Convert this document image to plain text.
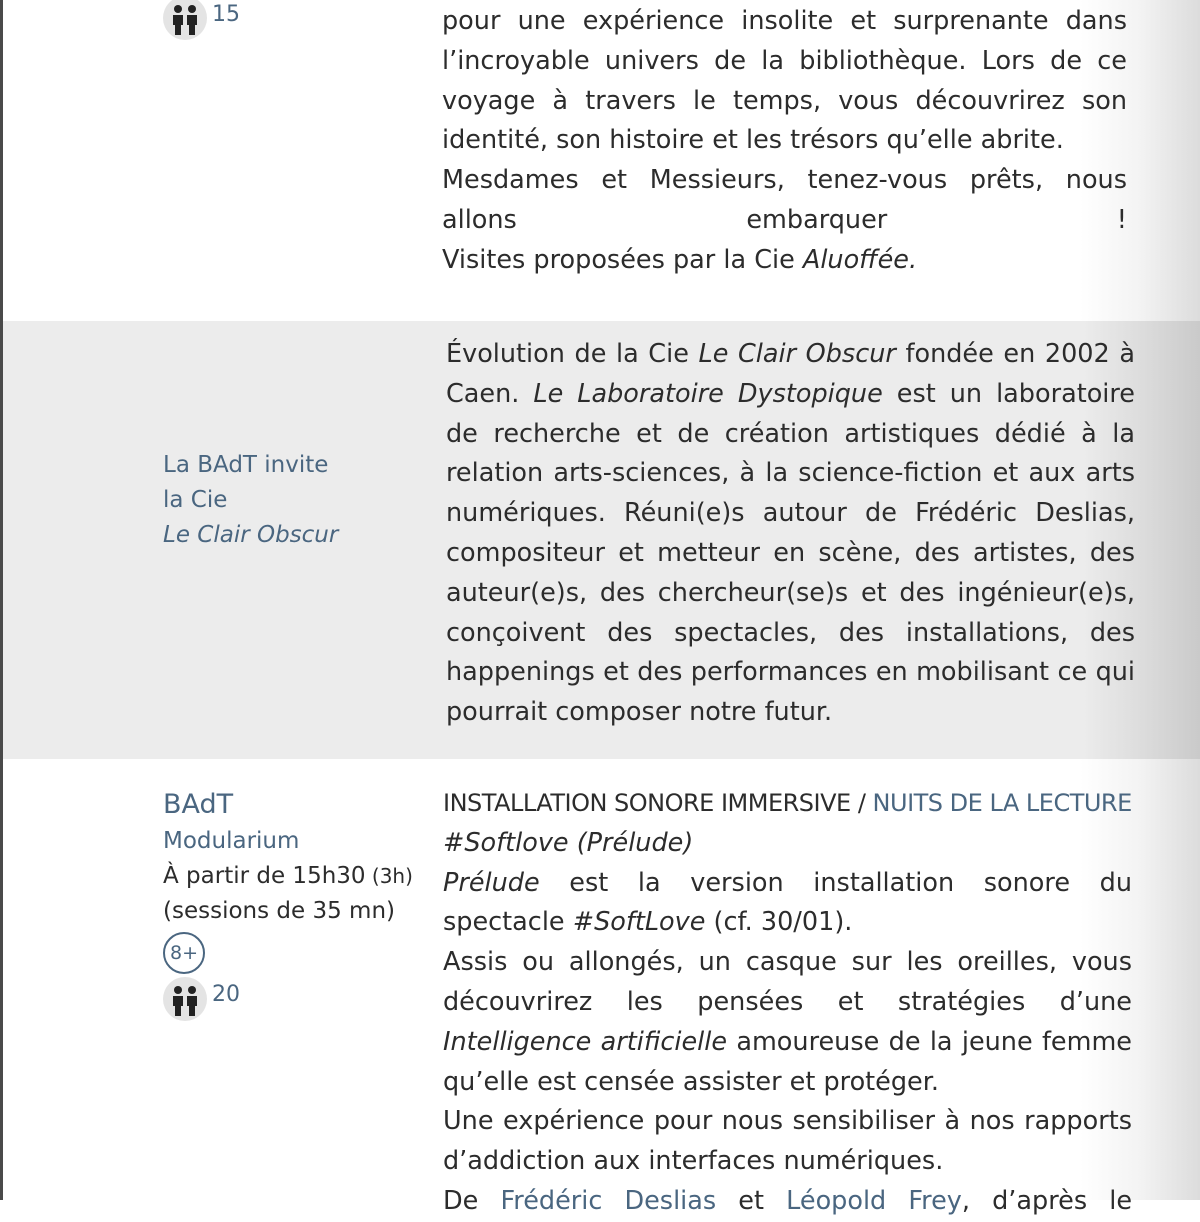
15	pour une expérience insolite et surprenante dans l’incroyable univers de la bibliothèque. Lors de ce voyage à travers le temps, vous découvrirez son identité, son histoire et les trésors qu’elle abrite.

Mesdames et Messieurs, tenez-vous prêts, nous allons embarquer !

Visites proposées par la Cie Aluoffée.

La BAdT invite
la Cie
Le Clair Obscur

Évolution de la Cie Le Clair Obscur fondée en 2002 à Caen. Le Laboratoire Dystopique est un laboratoire de recherche et de création artistiques dédié à la relation arts-sciences, à la science-fiction et aux arts numériques. Réuni(e)s autour de Frédéric Deslias, compositeur et metteur en scène, des artistes, des auteur(e)s, des chercheur(se)s et des ingénieur(e)s, conçoivent des spectacles, des installations, des happenings et des performances en mobilisant ce qui pourrait composer notre futur.

BAdT
Modularium
À partir de 15h30 (3h)
(sessions de 35 mn)
8+
20

INSTALLATION SONORE IMMERSIVE / NUITS DE LA LECTURE

#Softlove (Prélude)

Prélude est la version installation sonore du spectacle #SoftLove (cf. 30/01).

Assis ou allongés, un casque sur les oreilles, vous découvrirez les pensées et stratégies d’une Intelligence artificielle amoureuse de la jeune femme qu’elle est censée assister et protéger.

Une expérience pour nous sensibiliser à nos rapports d’addiction aux interfaces numériques.

De Frédéric Deslias et Léopold Frey, d’après le
